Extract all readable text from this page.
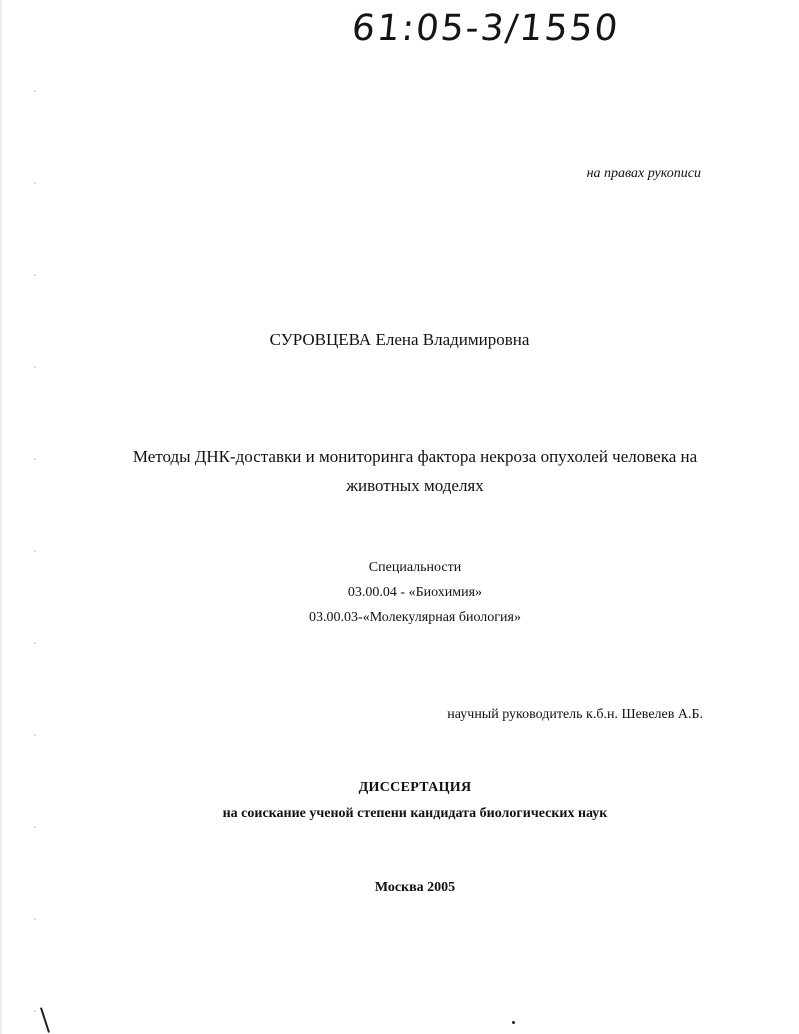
61:05-3/1550
на правах рукописи
СУРОВЦЕВА Елена Владимировна
Методы ДНК-доставки и мониторинга фактора некроза опухолей человека на
животных моделях
Специальности
03.00.04 - «Биохимия»
03.00.03-«Молекулярная биология»
научный руководитель к.б.н. Шевелев А.Б.
ДИССЕРТАЦИЯ
на соискание ученой степени кандидата биологических наук
Москва 2005
